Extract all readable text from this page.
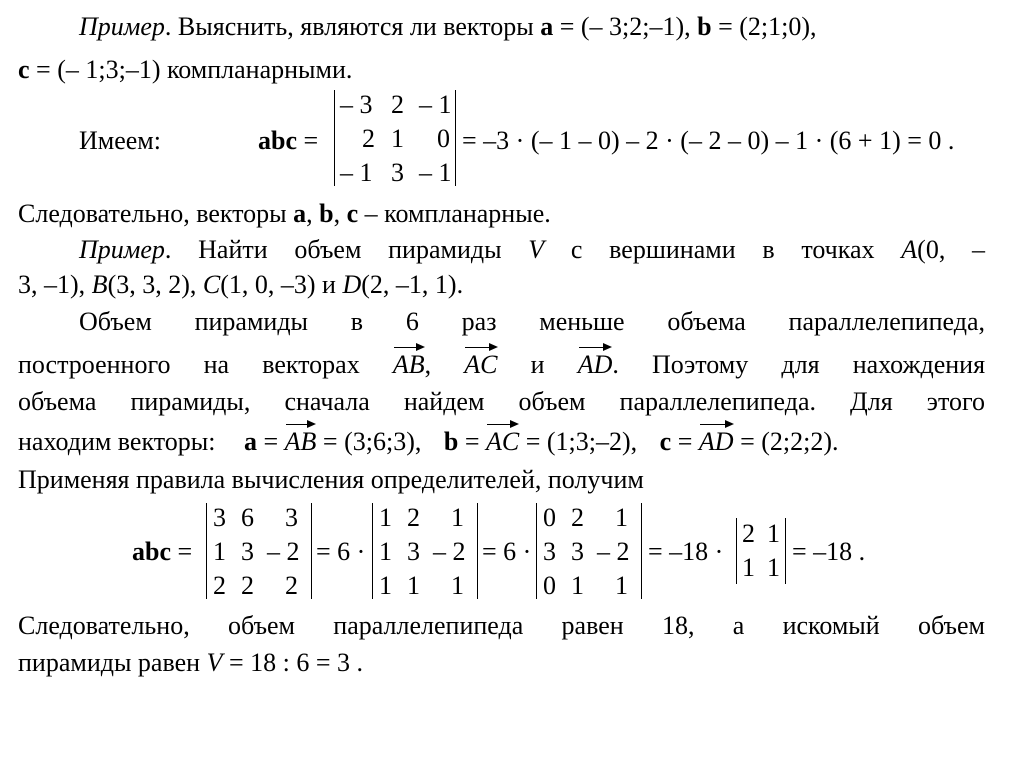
Пример. Выяснить, являются ли векторы a = (– 3;2;–1), b = (2;1;0),
c = (– 1;3;–1) компланарными.
Имеем:	abc =
– 3 2 – 1
2 1 0
– 1 3 – 1
= –3 · (– 1 – 0) – 2 · (– 2 – 0) – 1 · (6 + 1) = 0 .
Следовательно, векторы a, b, c – компланарные.
Пример. Найти объем пирамиды V с вершинами в точках A(0, –
3, –1), B(3, 3, 2), C(1, 0, –3) и D(2, –1, 1).
Объем пирамиды в 6 раз меньше объема параллелепипеда,
построенного на векторах AB, AC и AD. Поэтому для нахождения
объема пирамиды, сначала найдем объем параллелепипеда. Для этого
находим векторы: a = AB = (3;6;3), b = AC = (1;3;–2), c = AD = (2;2;2).
Применяя правила вычисления определителей, получим
abc =
3 6 3
1 3 – 2
2 2 2
= 6 ·
1 2 1
1 3 – 2
1 1 1
= 6 ·
0 2 1
3 3 – 2
0 1 1
= –18 ·
2 1
1 1
= –18 .
Следовательно, объем параллелепипеда равен 18, а искомый объем
пирамиды равен V = 18 : 6 = 3 .
